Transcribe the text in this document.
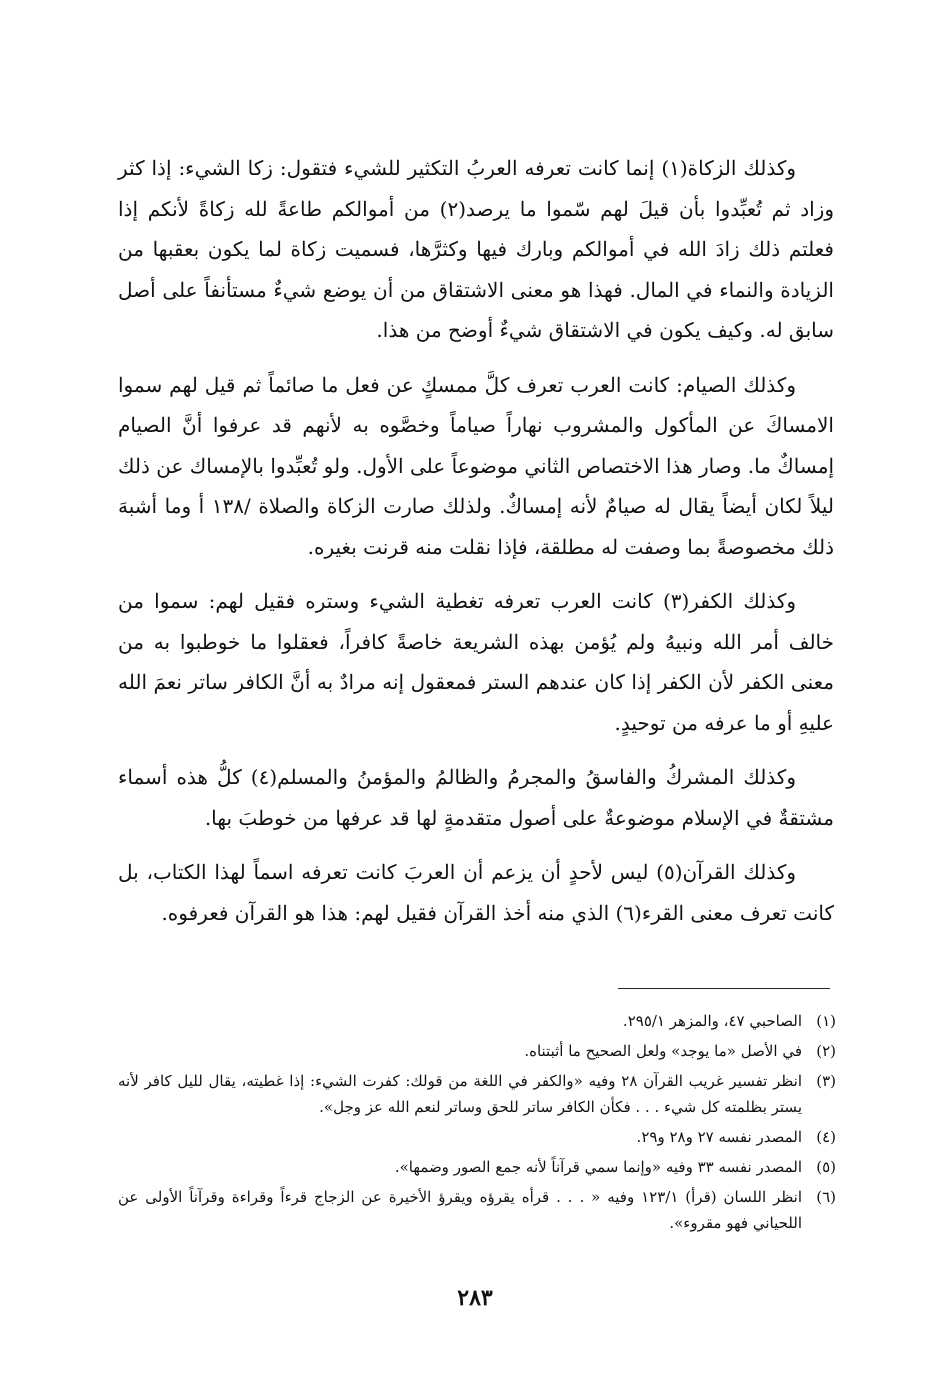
وكذلك الزكاة(١) إنما كانت تعرفه العربُ التكثير للشيء فتقول: زكا الشيء: إذا كثر وزاد ثم تُعبِّدوا بأن قيلَ لهم سّموا ما يرصد(٢) من أموالكم طاعةً لله زكاةً لأنكم إذا فعلتم ذلك زادَ الله في أموالكم وبارك فيها وكثرَّها، فسميت زكاة لما يكون بعقبها من الزيادة والنماء في المال. فهذا هو معنى الاشتقاق من أن يوضع شيءٌ مستأنفاً على أصل سابق له. وكيف يكون في الاشتقاق شيءٌ أوضح من هذا.

وكذلك الصيام: كانت العرب تعرف كلَّ ممسكٍ عن فعل ما صائماً ثم قيل لهم سموا الامساكَ عن المأكول والمشروب نهاراً صياماً وخصَّوه به لأنهم قد عرفوا أنَّ الصيام إمساكٌ ما. وصار هذا الاختصاص الثاني موضوعاً على الأول. ولو تُعبِّدوا بالإمساك عن ذلك ليلاً لكان أيضاً يقال له صيامٌ لأنه إمساكٌ. ولذلك صارت الزكاة والصلاة /١٣٨ أ وما أشبهَ ذلك مخصوصةً بما وصفت له مطلقة، فإذا نقلت منه قرنت بغيره.

وكذلك الكفر(٣) كانت العرب تعرفه تغطية الشيء وستره فقيل لهم: سموا من خالف أمر الله ونبيهُ ولم يُؤمن بهذه الشريعة خاصةً كافراً، فعقلوا ما خوطبوا به من معنى الكفر لأن الكفر إذا كان عندهم الستر فمعقول إنه مرادٌ به أنَّ الكافر ساتر نعمَ الله عليهِ أو ما عرفه من توحيدٍ.

وكذلك المشركُ والفاسقُ والمجرمُ والظالمُ والمؤمنُ والمسلم(٤) كلُّ هذه أسماء مشتقةٌ في الإسلام موضوعةٌ على أصول متقدمةٍ لها قد عرفها من خوطبَ بها.

وكذلك القرآن(٥) ليس لأحدٍ أن يزعم أن العربَ كانت تعرفه اسماً لهذا الكتاب، بل كانت تعرف معنى القرء(٦) الذي منه أخذ القرآن فقيل لهم: هذا هو القرآن فعرفوه.

(١)الصاحبي ٤٧، والمزهر ٢٩٥/١.

(٢)في الأصل «ما يوجد» ولعل الصحيح ما أثبتناه.

(٣)انظر تفسير غريب القرآن ٢٨ وفيه «والكفر في اللغة من قولك: كفرت الشيء: إذا غطيته، يقال لليل كافر لأنه يستر بظلمته كل شيء . . . فكأن الكافر ساتر للحق وساتر لنعم الله عز وجل».

(٤)المصدر نفسه ٢٧ و٢٨ و٢٩.

(٥)المصدر نفسه ٣٣ وفيه «وإنما سمي قرآناً لأنه جمع الصور وضمها».

(٦)انظر اللسان (قرأ) ١٢٣/١ وفيه « . . . قرأه يقرؤه ويقرؤ الأخيرة عن الزجاج قرءاً وقراءة وقرآناً الأولى عن اللحياني فهو مقروء».

٢٨٣
